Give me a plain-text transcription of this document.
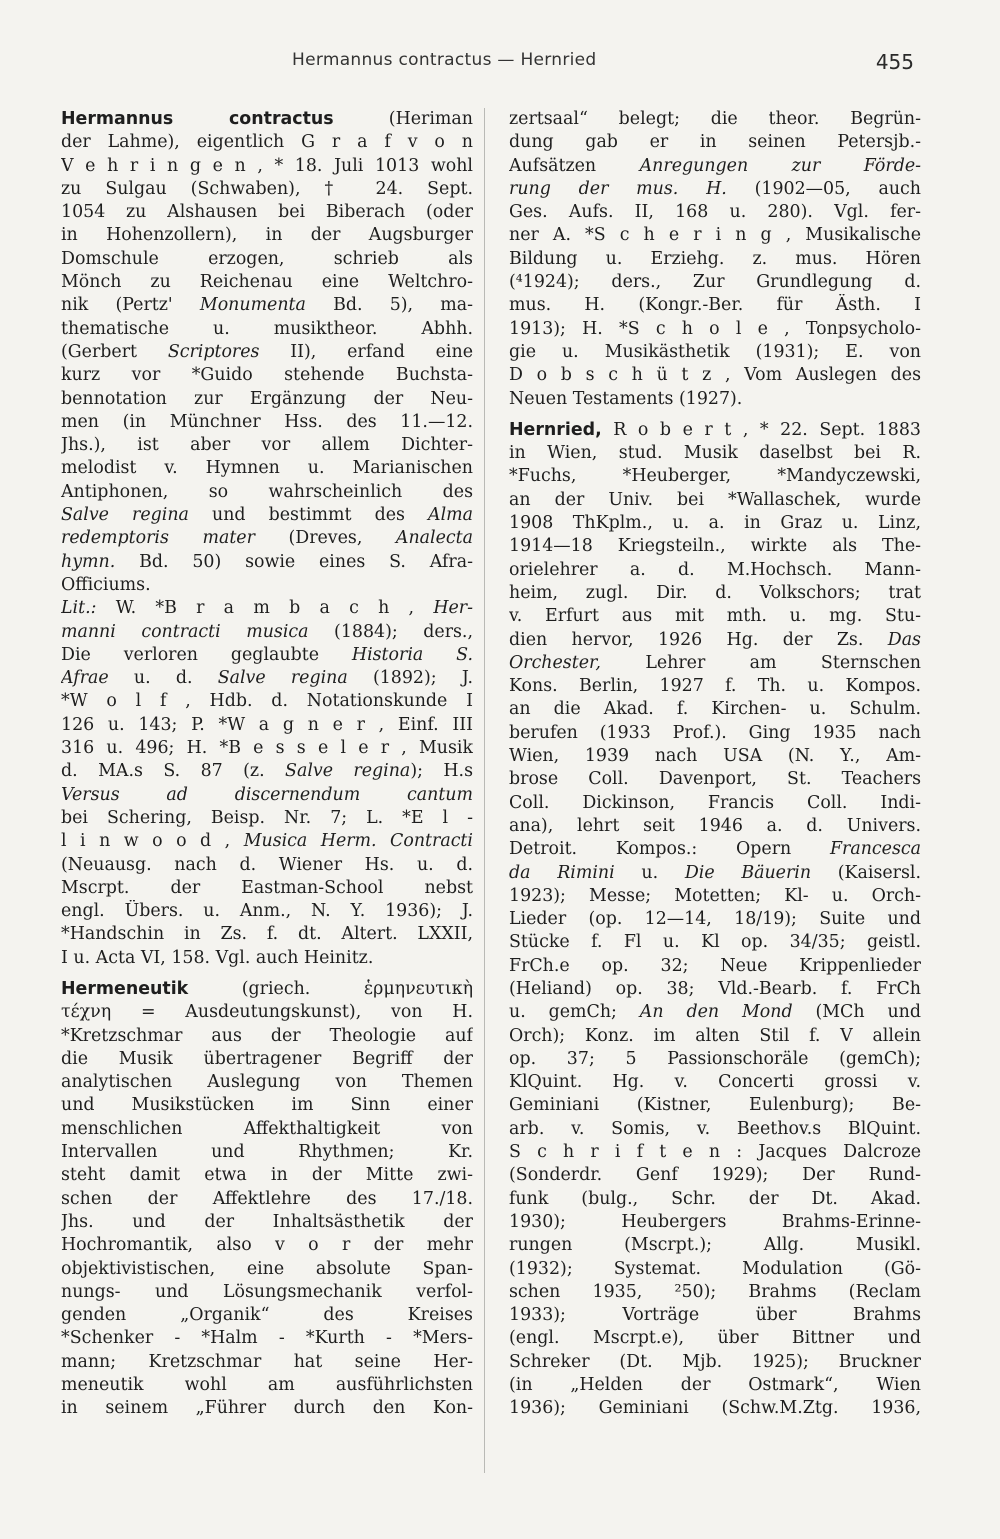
Hermannus contractus — Hernried	455
Hermannus contractus (Heriman
der Lahme), eigentlich G r a f v o n
V e h r i n g e n , * 18. Juli 1013 wohl
zu Sulgau (Schwaben), † 24. Sept.
1054 zu Alshausen bei Biberach (oder
in Hohenzollern), in der Augsburger
Domschule erzogen, schrieb als
Mönch zu Reichenau eine Weltchro-
nik (Pertz' Monumenta Bd. 5), ma-
thematische u. musiktheor. Abhh.
(Gerbert Scriptores II), erfand eine
kurz vor *Guido stehende Buchsta-
bennotation zur Ergänzung der Neu-
men (in Münchner Hss. des 11.—12.
Jhs.), ist aber vor allem Dichter-
melodist v. Hymnen u. Marianischen
Antiphonen, so wahrscheinlich des
Salve regina und bestimmt des Alma
redemptoris mater (Dreves, Analecta
hymn. Bd. 50) sowie eines S. Afra-
Officiums.
Lit.: W. *B r a m b a c h , Her-
manni contracti musica (1884); ders.,
Die verloren geglaubte Historia S.
Afrae u. d. Salve regina (1892); J.
*W o l f , Hdb. d. Notationskunde I
126 u. 143; P. *W a g n e r , Einf. III
316 u. 496; H. *B e s s e l e r , Musik
d. MA.s S. 87 (z. Salve regina); H.s
Versus ad discernendum cantum
bei Schering, Beisp. Nr. 7; L. *E l -
l i n w o o d , Musica Herm. Contracti
(Neuausg. nach d. Wiener Hs. u. d.
Mscrpt. der Eastman-School nebst
engl. Übers. u. Anm., N. Y. 1936); J.
*Handschin in Zs. f. dt. Altert. LXXII,
I u. Acta VI, 158. Vgl. auch Heinitz.
Hermeneutik (griech. ἑρμηνευτικὴ
τέχνη = Ausdeutungskunst), von H.
*Kretzschmar aus der Theologie auf
die Musik übertragener Begriff der
analytischen Auslegung von Themen
und Musikstücken im Sinn einer
menschlichen Affekthaltigkeit von
Intervallen und Rhythmen; Kr.
steht damit etwa in der Mitte zwi-
schen der Affektlehre des 17./18.
Jhs. und der Inhaltsästhetik der
Hochromantik, also v o r der mehr
objektivistischen, eine absolute Span-
nungs- und Lösungsmechanik verfol-
genden „Organik“ des Kreises
*Schenker - *Halm - *Kurth - *Mers-
mann; Kretzschmar hat seine Her-
meneutik wohl am ausführlichsten
in seinem „Führer durch den Kon-
zertsaal“ belegt; die theor. Begrün-
dung gab er in seinen Petersjb.-
Aufsätzen Anregungen zur Förde-
rung der mus. H. (1902—05, auch
Ges. Aufs. II, 168 u. 280). Vgl. fer-
ner A. *S c h e r i n g , Musikalische
Bildung u. Erziehg. z. mus. Hören
(⁴1924); ders., Zur Grundlegung d.
mus. H. (Kongr.-Ber. für Ästh. I
1913); H. *S c h o l e , Tonpsycholo-
gie u. Musikästhetik (1931); E. von
D o b s c h ü t z , Vom Auslegen des
Neuen Testaments (1927).
Hernried, R o b e r t , * 22. Sept. 1883
in Wien, stud. Musik daselbst bei R.
*Fuchs, *Heuberger, *Mandyczewski,
an der Univ. bei *Wallaschek, wurde
1908 ThKplm., u. a. in Graz u. Linz,
1914—18 Kriegsteiln., wirkte als The-
orielehrer a. d. M.Hochsch. Mann-
heim, zugl. Dir. d. Volkschors; trat
v. Erfurt aus mit mth. u. mg. Stu-
dien hervor, 1926 Hg. der Zs. Das
Orchester, Lehrer am Sternschen
Kons. Berlin, 1927 f. Th. u. Kompos.
an die Akad. f. Kirchen- u. Schulm.
berufen (1933 Prof.). Ging 1935 nach
Wien, 1939 nach USA (N. Y., Am-
brose Coll. Davenport, St. Teachers
Coll. Dickinson, Francis Coll. Indi-
ana), lehrt seit 1946 a. d. Univers.
Detroit. Kompos.: Opern Francesca
da Rimini u. Die Bäuerin (Kaisersl.
1923); Messe; Motetten; Kl- u. Orch-
Lieder (op. 12—14, 18/19); Suite und
Stücke f. Fl u. Kl op. 34/35; geistl.
FrCh.e op. 32; Neue Krippenlieder
(Heliand) op. 38; Vld.-Bearb. f. FrCh
u. gemCh; An den Mond (MCh und
Orch); Konz. im alten Stil f. V allein
op. 37; 5 Passionschoräle (gemCh);
KlQuint. Hg. v. Concerti grossi v.
Geminiani (Kistner, Eulenburg); Be-
arb. v. Somis, v. Beethov.s BlQuint.
S c h r i f t e n : Jacques Dalcroze
(Sonderdr. Genf 1929); Der Rund-
funk (bulg., Schr. der Dt. Akad.
1930); Heubergers Brahms-Erinne-
rungen (Mscrpt.); Allg. Musikl.
(1932); Systemat. Modulation (Gö-
schen 1935, ²50); Brahms (Reclam
1933); Vorträge über Brahms
(engl. Mscrpt.e), über Bittner und
Schreker (Dt. Mjb. 1925); Bruckner
(in „Helden der Ostmark“, Wien
1936); Geminiani (Schw.M.Ztg. 1936,
